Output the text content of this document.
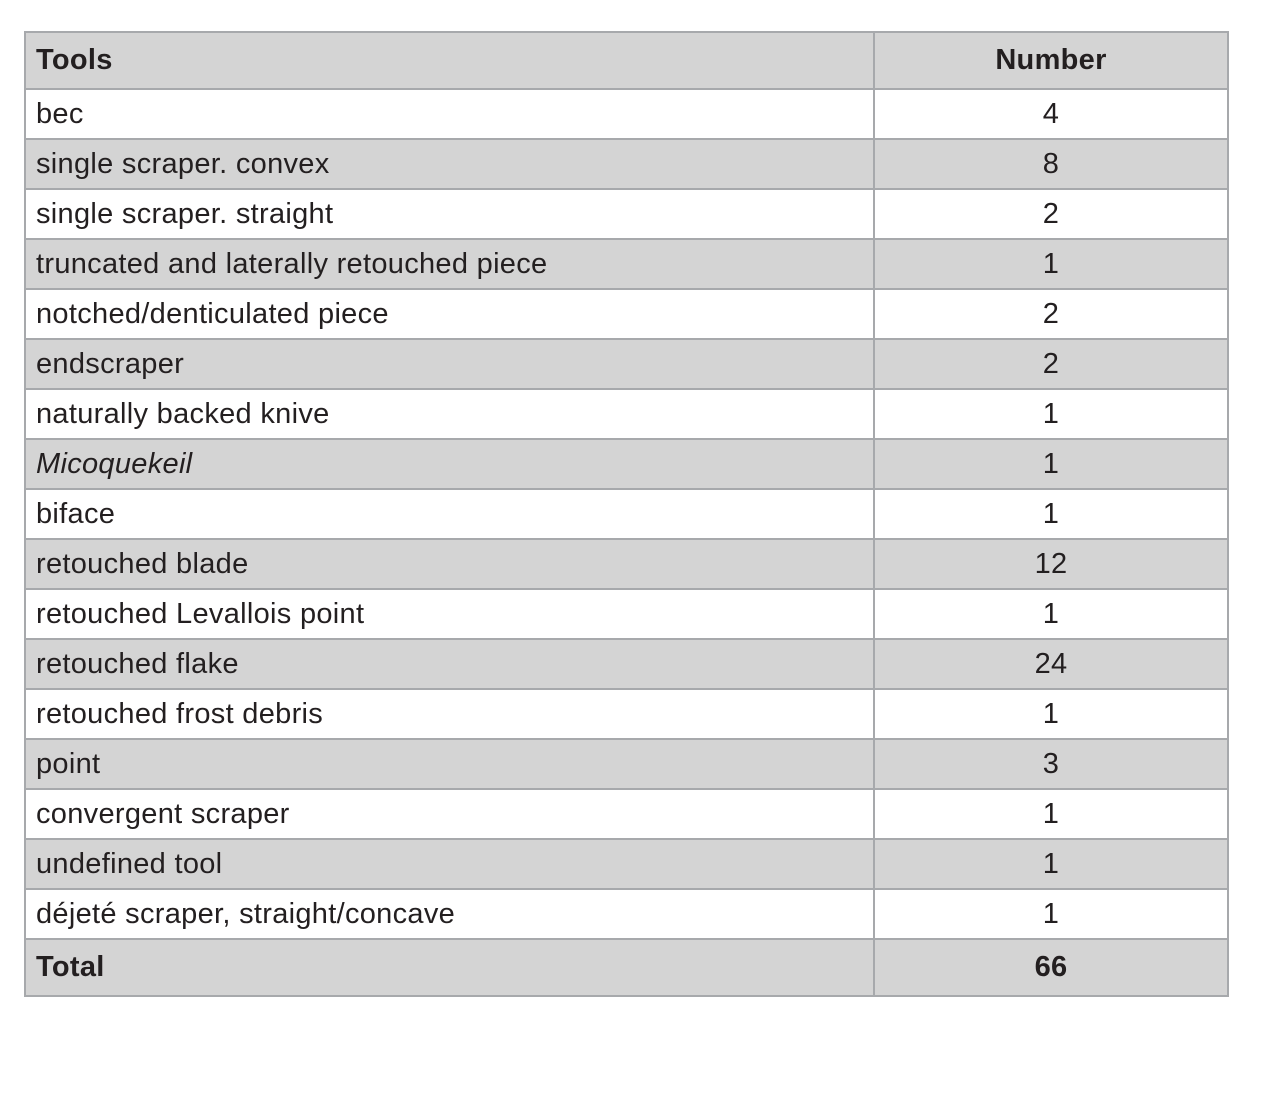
Tools	Number
bec	4
single scraper. convex	8
single scraper. straight	2
truncated and laterally retouched piece	1
notched/denticulated piece	2
endscraper	2
naturally backed knive	1
Micoquekeil	1
biface	1
retouched blade	12
retouched Levallois point	1
retouched flake	24
retouched frost debris	1
point	3
convergent scraper	1
undefined tool	1
déjeté scraper, straight/concave	1
Total	66
